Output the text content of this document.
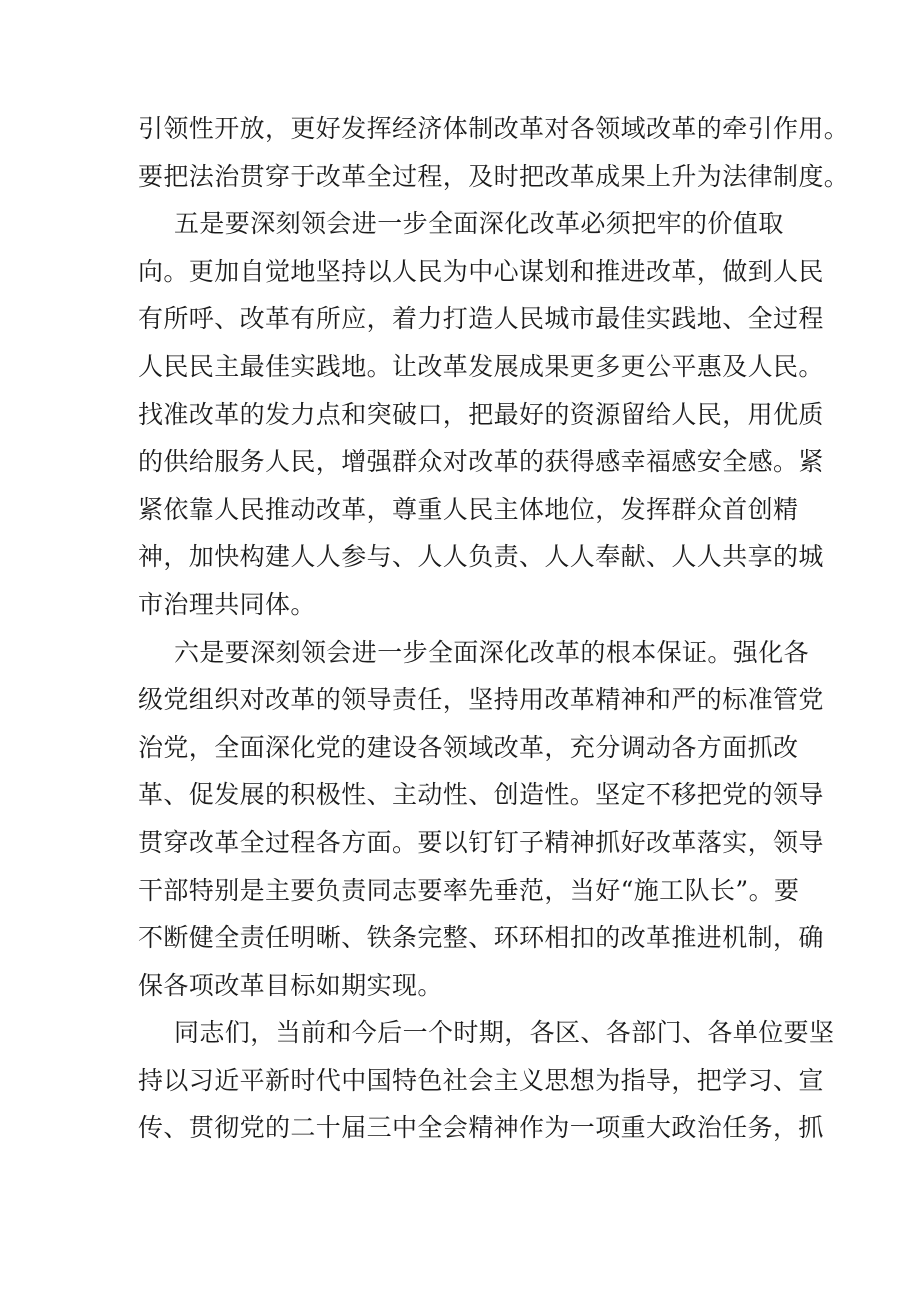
引领性开放，更好发挥经济体制改革对各领域改革的牵引作用。
要把法治贯穿于改革全过程，及时把改革成果上升为法律制度。
五是要深刻领会进一步全面深化改革必须把牢的价值取
向。更加自觉地坚持以人民为中心谋划和推进改革，做到人民
有所呼、改革有所应，着力打造人民城市最佳实践地、全过程
人民民主最佳实践地。让改革发展成果更多更公平惠及人民。
找准改革的发力点和突破口，把最好的资源留给人民，用优质
的供给服务人民，增强群众对改革的获得感幸福感安全感。紧
紧依靠人民推动改革，尊重人民主体地位，发挥群众首创精
神，加快构建人人参与、人人负责、人人奉献、人人共享的城
市治理共同体。
六是要深刻领会进一步全面深化改革的根本保证。强化各
级党组织对改革的领导责任，坚持用改革精神和严的标准管党
治党，全面深化党的建设各领域改革，充分调动各方面抓改
革、促发展的积极性、主动性、创造性。坚定不移把党的领导
贯穿改革全过程各方面。要以钉钉子精神抓好改革落实，领导
干部特别是主要负责同志要率先垂范，当好“施工队长”。要
不断健全责任明晰、铁条完整、环环相扣的改革推进机制，确
保各项改革目标如期实现。
同志们，当前和今后一个时期，各区、各部门、各单位要坚
持以习近平新时代中国特色社会主义思想为指导，把学习、宣
传、贯彻党的二十届三中全会精神作为一项重大政治任务，抓
